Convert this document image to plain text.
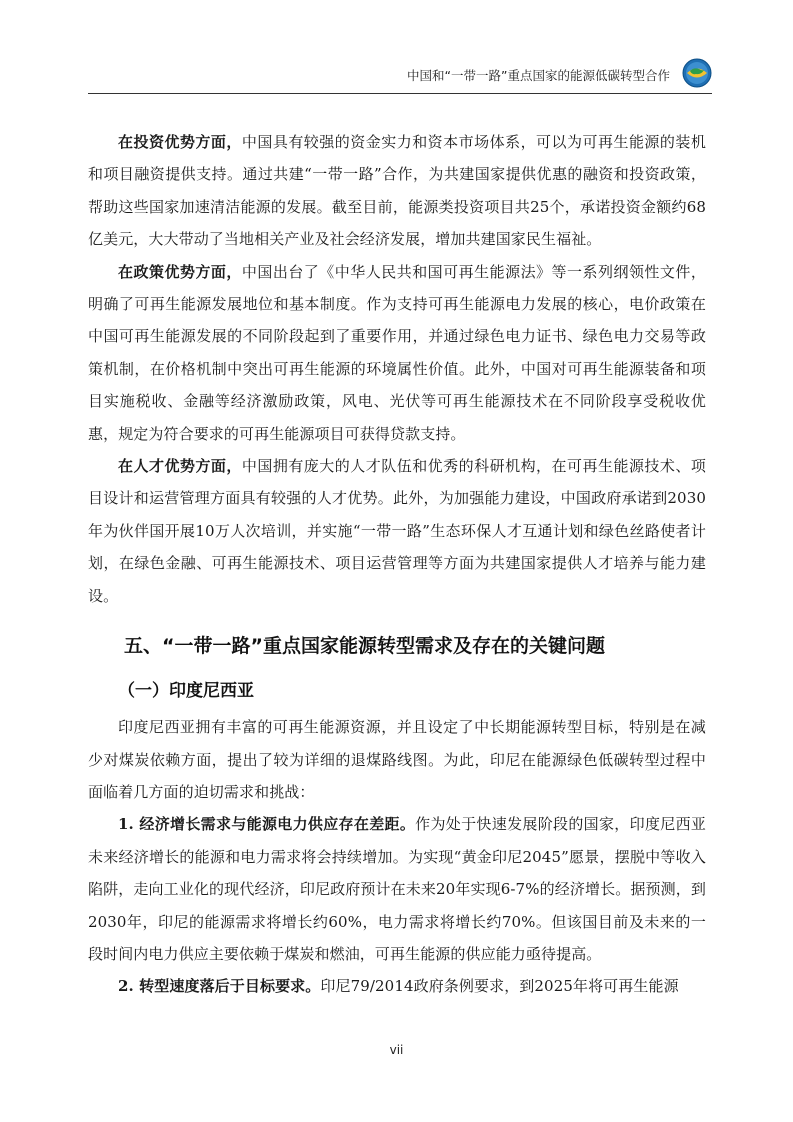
中国和“一带一路”重点国家的能源低碳转型合作

在投资优势方面，中国具有较强的资金实力和资本市场体系，可以为可再生能源的装机和项目融资提供支持。通过共建“一带一路”合作，为共建国家提供优惠的融资和投资政策，帮助这些国家加速清洁能源的发展。截至目前，能源类投资项目共25个，承诺投资金额约68亿美元，大大带动了当地相关产业及社会经济发展，增加共建国家民生福祉。

在政策优势方面，中国出台了《中华人民共和国可再生能源法》等一系列纲领性文件，明确了可再生能源发展地位和基本制度。作为支持可再生能源电力发展的核心，电价政策在中国可再生能源发展的不同阶段起到了重要作用，并通过绿色电力证书、绿色电力交易等政策机制，在价格机制中突出可再生能源的环境属性价值。此外，中国对可再生能源装备和项目实施税收、金融等经济激励政策，风电、光伏等可再生能源技术在不同阶段享受税收优惠，规定为符合要求的可再生能源项目可获得贷款支持。

在人才优势方面，中国拥有庞大的人才队伍和优秀的科研机构，在可再生能源技术、项目设计和运营管理方面具有较强的人才优势。此外，为加强能力建设，中国政府承诺到2030年为伙伴国开展10万人次培训，并实施“一带一路”生态环保人才互通计划和绿色丝路使者计划，在绿色金融、可再生能源技术、项目运营管理等方面为共建国家提供人才培养与能力建设。

五、“一带一路”重点国家能源转型需求及存在的关键问题
（一）印度尼西亚

印度尼西亚拥有丰富的可再生能源资源，并且设定了中长期能源转型目标，特别是在减少对煤炭依赖方面，提出了较为详细的退煤路线图。为此，印尼在能源绿色低碳转型过程中面临着几方面的迫切需求和挑战：

1. 经济增长需求与能源电力供应存在差距。作为处于快速发展阶段的国家，印度尼西亚未来经济增长的能源和电力需求将会持续增加。为实现“黄金印尼2045”愿景，摆脱中等收入陷阱，走向工业化的现代经济，印尼政府预计在未来20年实现6-7%的经济增长。据预测，到2030年，印尼的能源需求将增长约60%，电力需求将增长约70%。但该国目前及未来的一段时间内电力供应主要依赖于煤炭和燃油，可再生能源的供应能力亟待提高。

2. 转型速度落后于目标要求。印尼79/2014政府条例要求，到2025年将可再生能源

vii
